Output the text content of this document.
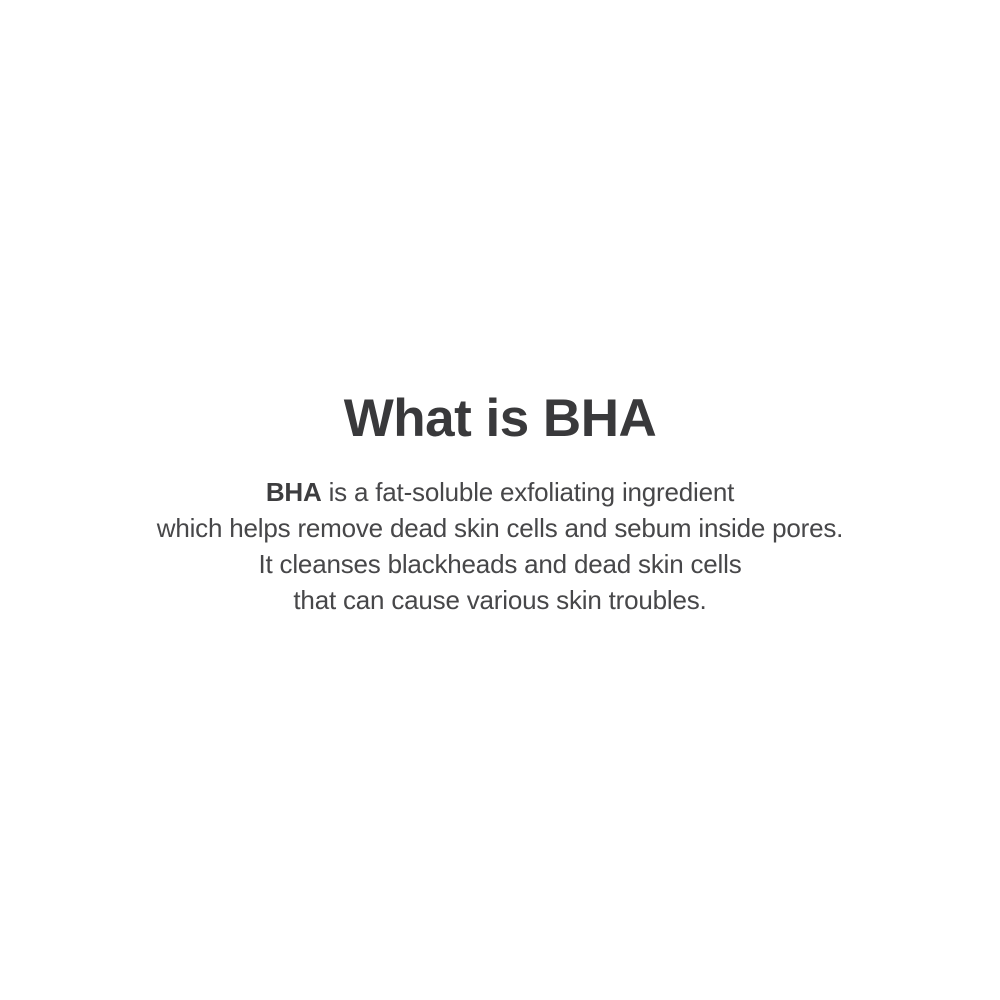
What is BHA

BHA is a fat-soluble exfoliating ingredient
which helps remove dead skin cells and sebum inside pores.
It cleanses blackheads and dead skin cells
that can cause various skin troubles.
